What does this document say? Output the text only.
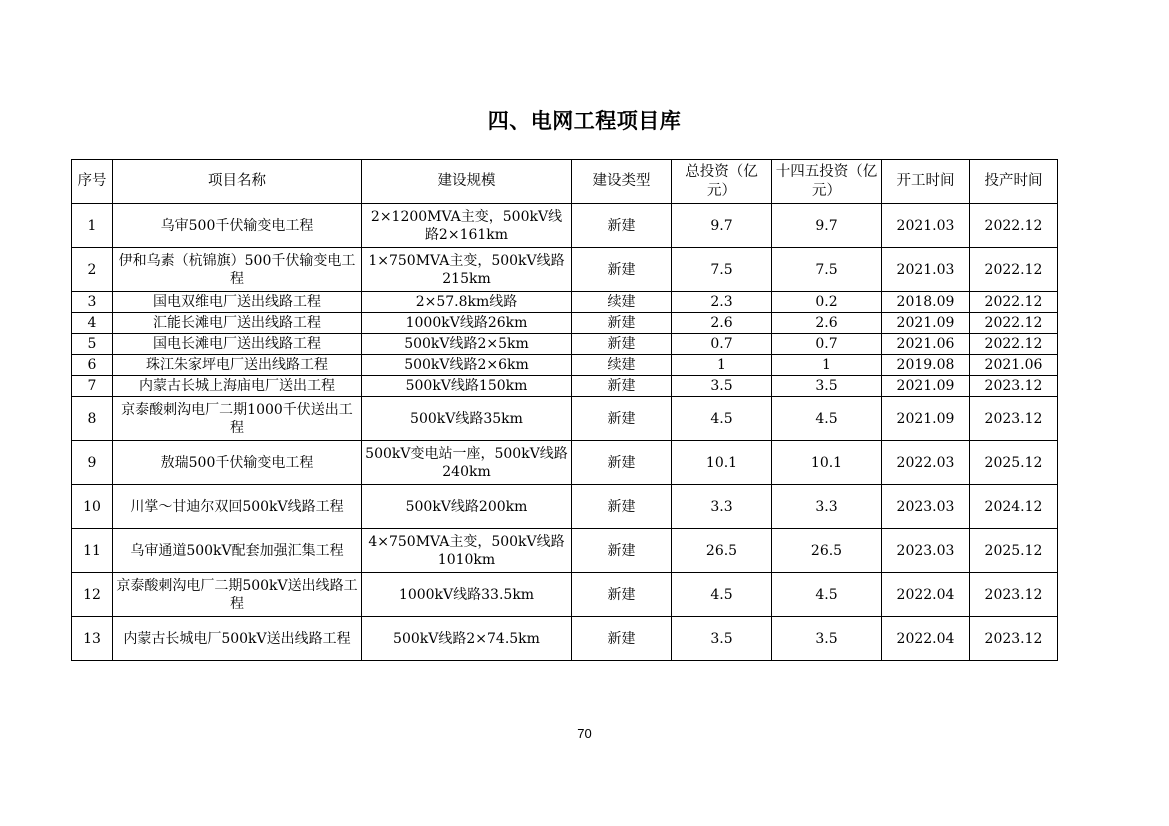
四、电网工程项目库
序号	项目名称	建设规模	建设类型	总投资（亿元）	十四五投资（亿元）	开工时间	投产时间
1	乌审500千伏输变电工程	2×1200MVA主变，500kV线路2×161km	新建	9.7	9.7	2021.03	2022.12
2	伊和乌素（杭锦旗）500千伏输变电工程	1×750MVA主变，500kV线路215km	新建	7.5	7.5	2021.03	2022.12
3	国电双维电厂送出线路工程	2×57.8km线路	续建	2.3	0.2	2018.09	2022.12
4	汇能长滩电厂送出线路工程	1000kV线路26km	新建	2.6	2.6	2021.09	2022.12
5	国电长滩电厂送出线路工程	500kV线路2×5km	新建	0.7	0.7	2021.06	2022.12
6	珠江朱家坪电厂送出线路工程	500kV线路2×6km	续建	1	1	2019.08	2021.06
7	内蒙古长城上海庙电厂送出工程	500kV线路150km	新建	3.5	3.5	2021.09	2023.12
8	京泰酸刺沟电厂二期1000千伏送出工程	500kV线路35km	新建	4.5	4.5	2021.09	2023.12
9	敖瑞500千伏输变电工程	500kV变电站一座，500kV线路240km	新建	10.1	10.1	2022.03	2025.12
10	川掌～甘迪尔双回500kV线路工程	500kV线路200km	新建	3.3	3.3	2023.03	2024.12
11	乌审通道500kV配套加强汇集工程	4×750MVA主变，500kV线路1010km	新建	26.5	26.5	2023.03	2025.12
12	京泰酸刺沟电厂二期500kV送出线路工程	1000kV线路33.5km	新建	4.5	4.5	2022.04	2023.12
13	内蒙古长城电厂500kV送出线路工程	500kV线路2×74.5km	新建	3.5	3.5	2022.04	2023.12
70
